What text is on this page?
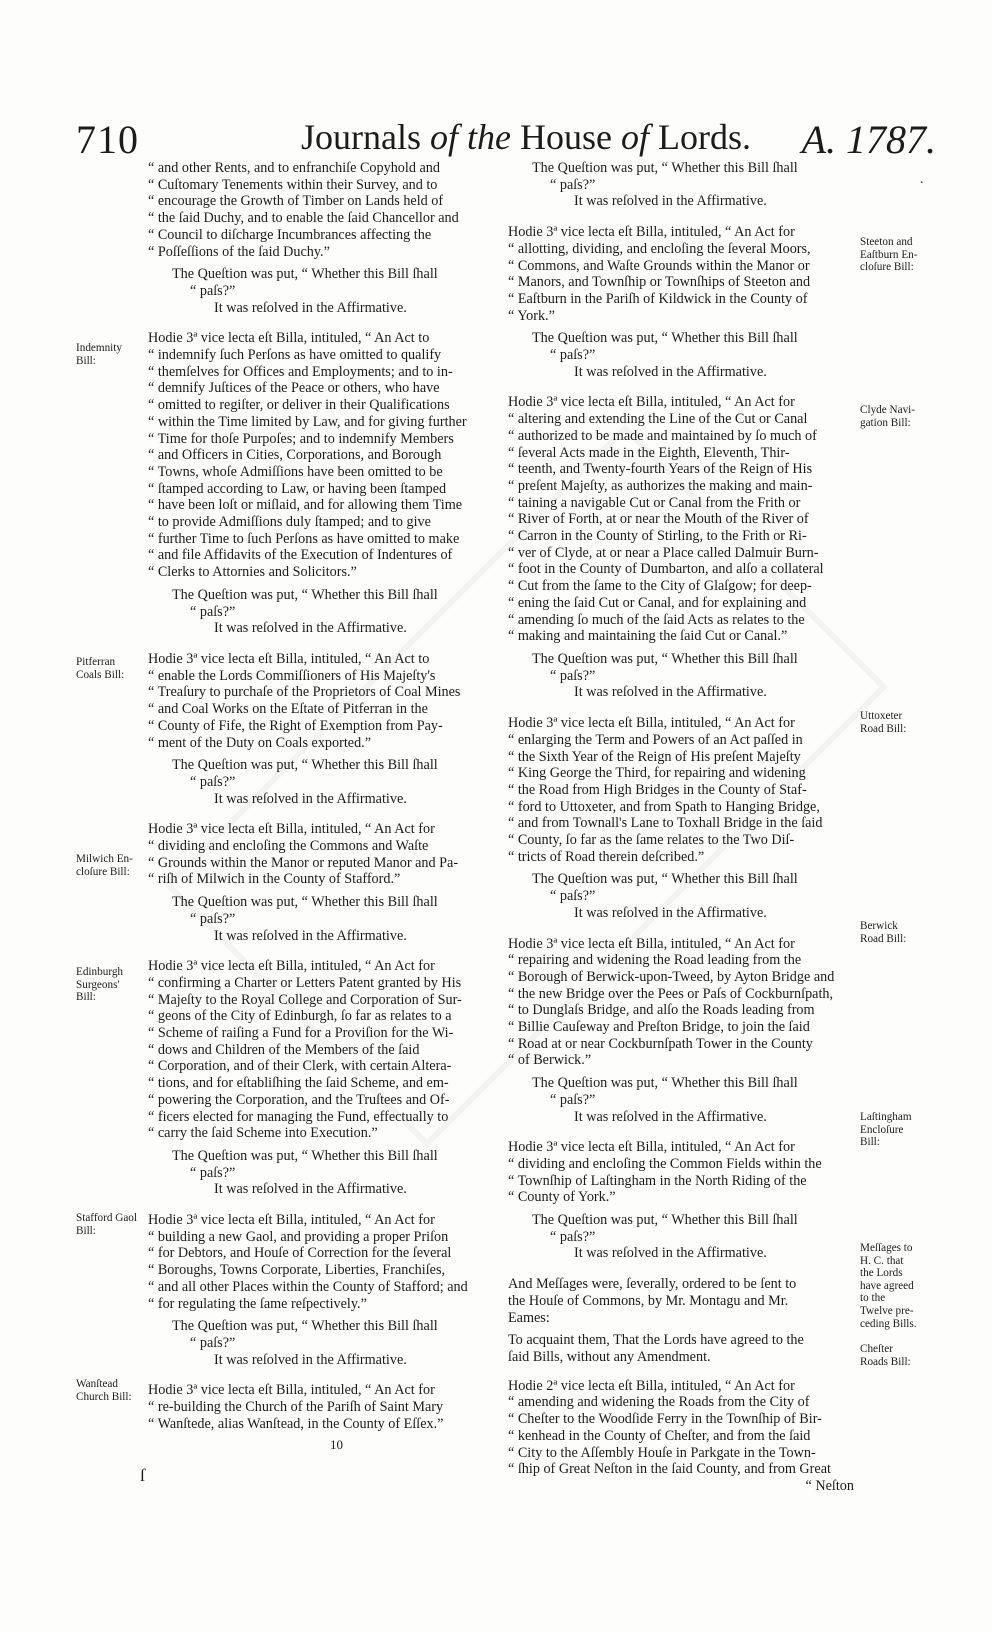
710	Journals of the House of Lords.	A. 1787.
.
Indemnity
Bill:
Pitferran
Coals Bill:
Milwich En-
cloſure Bill:
Edinburgh
Surgeons'
Bill:
Stafford Gaol
Bill:
Wanſtead
Church Bill:
Steeton and
Eaſtburn En-
cloſure Bill:
Clyde Navi-
gation Bill:
Uttoxeter
Road Bill:
Berwick
Road Bill:
Laſtingham
Encloſure
Bill:
Meſſages to
H. C. that
the Lords
have agreed
to the
Twelve pre-
ceding Bills.
Cheſter
Roads Bill:
“ and other Rents, and to enfranchiſe Copyhold and
“ Cuſtomary Tenements within their Survey, and to
“ encourage the Growth of Timber on Lands held of
“ the ſaid Duchy, and to enable the ſaid Chancellor and
“ Council to diſcharge Incumbrances affecting the
“ Poſſeſſions of the ſaid Duchy.”
The Queſtion was put, “ Whether this Bill ſhall
“ paſs?”
It was reſolved in the Affirmative.
Hodie 3ª vice lecta eſt Billa, intituled, “ An Act to
“ indemnify ſuch Perſons as have omitted to qualify
“ themſelves for Offices and Employments; and to in-
“ demnify Juſtices of the Peace or others, who have
“ omitted to regiſter, or deliver in their Qualifications
“ within the Time limited by Law, and for giving further
“ Time for thoſe Purpoſes; and to indemnify Members
“ and Officers in Cities, Corporations, and Borough
“ Towns, whoſe Admiſſions have been omitted to be
“ ſtamped according to Law, or having been ſtamped
“ have been loſt or miſlaid, and for allowing them Time
“ to provide Admiſſions duly ſtamped; and to give
“ further Time to ſuch Perſons as have omitted to make
“ and file Affidavits of the Execution of Indentures of
“ Clerks to Attornies and Solicitors.”
The Queſtion was put, “ Whether this Bill ſhall
“ paſs?”
It was reſolved in the Affirmative.
Hodie 3ª vice lecta eſt Billa, intituled, “ An Act to
“ enable the Lords Commiſſioners of His Majeſty's
“ Treaſury to purchaſe of the Proprietors of Coal Mines
“ and Coal Works on the Eſtate of Pitferran in the
“ County of Fife, the Right of Exemption from Pay-
“ ment of the Duty on Coals exported.”
The Queſtion was put, “ Whether this Bill ſhall
“ paſs?”
It was reſolved in the Affirmative.
Hodie 3ª vice lecta eſt Billa, intituled, “ An Act for
“ dividing and encloſing the Commons and Waſte
“ Grounds within the Manor or reputed Manor and Pa-
“ riſh of Milwich in the County of Stafford.”
The Queſtion was put, “ Whether this Bill ſhall
“ paſs?”
It was reſolved in the Affirmative.
Hodie 3ª vice lecta eſt Billa, intituled, “ An Act for
“ confirming a Charter or Letters Patent granted by His
“ Majeſty to the Royal College and Corporation of Sur-
“ geons of the City of Edinburgh, ſo far as relates to a
“ Scheme of raiſing a Fund for a Proviſion for the Wi-
“ dows and Children of the Members of the ſaid
“ Corporation, and of their Clerk, with certain Altera-
“ tions, and for eſtabliſhing the ſaid Scheme, and em-
“ powering the Corporation, and the Truſtees and Of-
“ ficers elected for managing the Fund, effectually to
“ carry the ſaid Scheme into Execution.”
The Queſtion was put, “ Whether this Bill ſhall
“ paſs?”
It was reſolved in the Affirmative.
Hodie 3ª vice lecta eſt Billa, intituled, “ An Act for
“ building a new Gaol, and providing a proper Priſon
“ for Debtors, and Houſe of Correction for the ſeveral
“ Boroughs, Towns Corporate, Liberties, Franchiſes,
“ and all other Places within the County of Stafford; and
“ for regulating the ſame reſpectively.”
The Queſtion was put, “ Whether this Bill ſhall
“ paſs?”
It was reſolved in the Affirmative.
Hodie 3ª vice lecta eſt Billa, intituled, “ An Act for
“ re-building the Church of the Pariſh of Saint Mary
“ Wanſtede, alias Wanſtead, in the County of Eſſex.”
The Queſtion was put, “ Whether this Bill ſhall
“ paſs?”
It was reſolved in the Affirmative.
Hodie 3ª vice lecta eſt Billa, intituled, “ An Act for
“ allotting, dividing, and encloſing the ſeveral Moors,
“ Commons, and Waſte Grounds within the Manor or
“ Manors, and Townſhip or Townſhips of Steeton and
“ Eaſtburn in the Pariſh of Kildwick in the County of
“ York.”
The Queſtion was put, “ Whether this Bill ſhall
“ paſs?”
It was reſolved in the Affirmative.
Hodie 3ª vice lecta eſt Billa, intituled, “ An Act for
“ altering and extending the Line of the Cut or Canal
“ authorized to be made and maintained by ſo much of
“ ſeveral Acts made in the Eighth, Eleventh, Thir-
“ teenth, and Twenty-fourth Years of the Reign of His
“ preſent Majeſty, as authorizes the making and main-
“ taining a navigable Cut or Canal from the Frith or
“ River of Forth, at or near the Mouth of the River of
“ Carron in the County of Stirling, to the Frith or Ri-
“ ver of Clyde, at or near a Place called Dalmuir Burn-
“ foot in the County of Dumbarton, and alſo a collateral
“ Cut from the ſame to the City of Glaſgow; for deep-
“ ening the ſaid Cut or Canal, and for explaining and
“ amending ſo much of the ſaid Acts as relates to the
“ making and maintaining the ſaid Cut or Canal.”
The Queſtion was put, “ Whether this Bill ſhall
“ paſs?”
It was reſolved in the Affirmative.
Hodie 3ª vice lecta eſt Billa, intituled, “ An Act for
“ enlarging the Term and Powers of an Act paſſed in
“ the Sixth Year of the Reign of His preſent Majeſty
“ King George the Third, for repairing and widening
“ the Road from High Bridges in the County of Staf-
“ ford to Uttoxeter, and from Spath to Hanging Bridge,
“ and from Townall's Lane to Toxhall Bridge in the ſaid
“ County, ſo far as the ſame relates to the Two Diſ-
“ tricts of Road therein deſcribed.”
The Queſtion was put, “ Whether this Bill ſhall
“ paſs?”
It was reſolved in the Affirmative.
Hodie 3ª vice lecta eſt Billa, intituled, “ An Act for
“ repairing and widening the Road leading from the
“ Borough of Berwick-upon-Tweed, by Ayton Bridge and
“ the new Bridge over the Pees or Paſs of Cockburnſpath,
“ to Dunglaſs Bridge, and alſo the Roads leading from
“ Billie Cauſeway and Preſton Bridge, to join the ſaid
“ Road at or near Cockburnſpath Tower in the County
“ of Berwick.”
The Queſtion was put, “ Whether this Bill ſhall
“ paſs?”
It was reſolved in the Affirmative.
Hodie 3ª vice lecta eſt Billa, intituled, “ An Act for
“ dividing and encloſing the Common Fields within the
“ Townſhip of Laſtingham in the North Riding of the
“ County of York.”
The Queſtion was put, “ Whether this Bill ſhall
“ paſs?”
It was reſolved in the Affirmative.
And Meſſages were, ſeverally, ordered to be ſent to
the Houſe of Commons, by Mr. Montagu and Mr.
Eames:
To acquaint them, That the Lords have agreed to the
ſaid Bills, without any Amendment.
Hodie 2ª vice lecta eſt Billa, intituled, “ An Act for
“ amending and widening the Roads from the City of
“ Cheſter to the Woodſide Ferry in the Townſhip of Bir-
“ kenhead in the County of Cheſter, and from the ſaid
“ City to the Aſſembly Houſe in Parkgate in the Town-
“ ſhip of Great Neſton in the ſaid County, and from Great
“ Neſton
10
ſ
